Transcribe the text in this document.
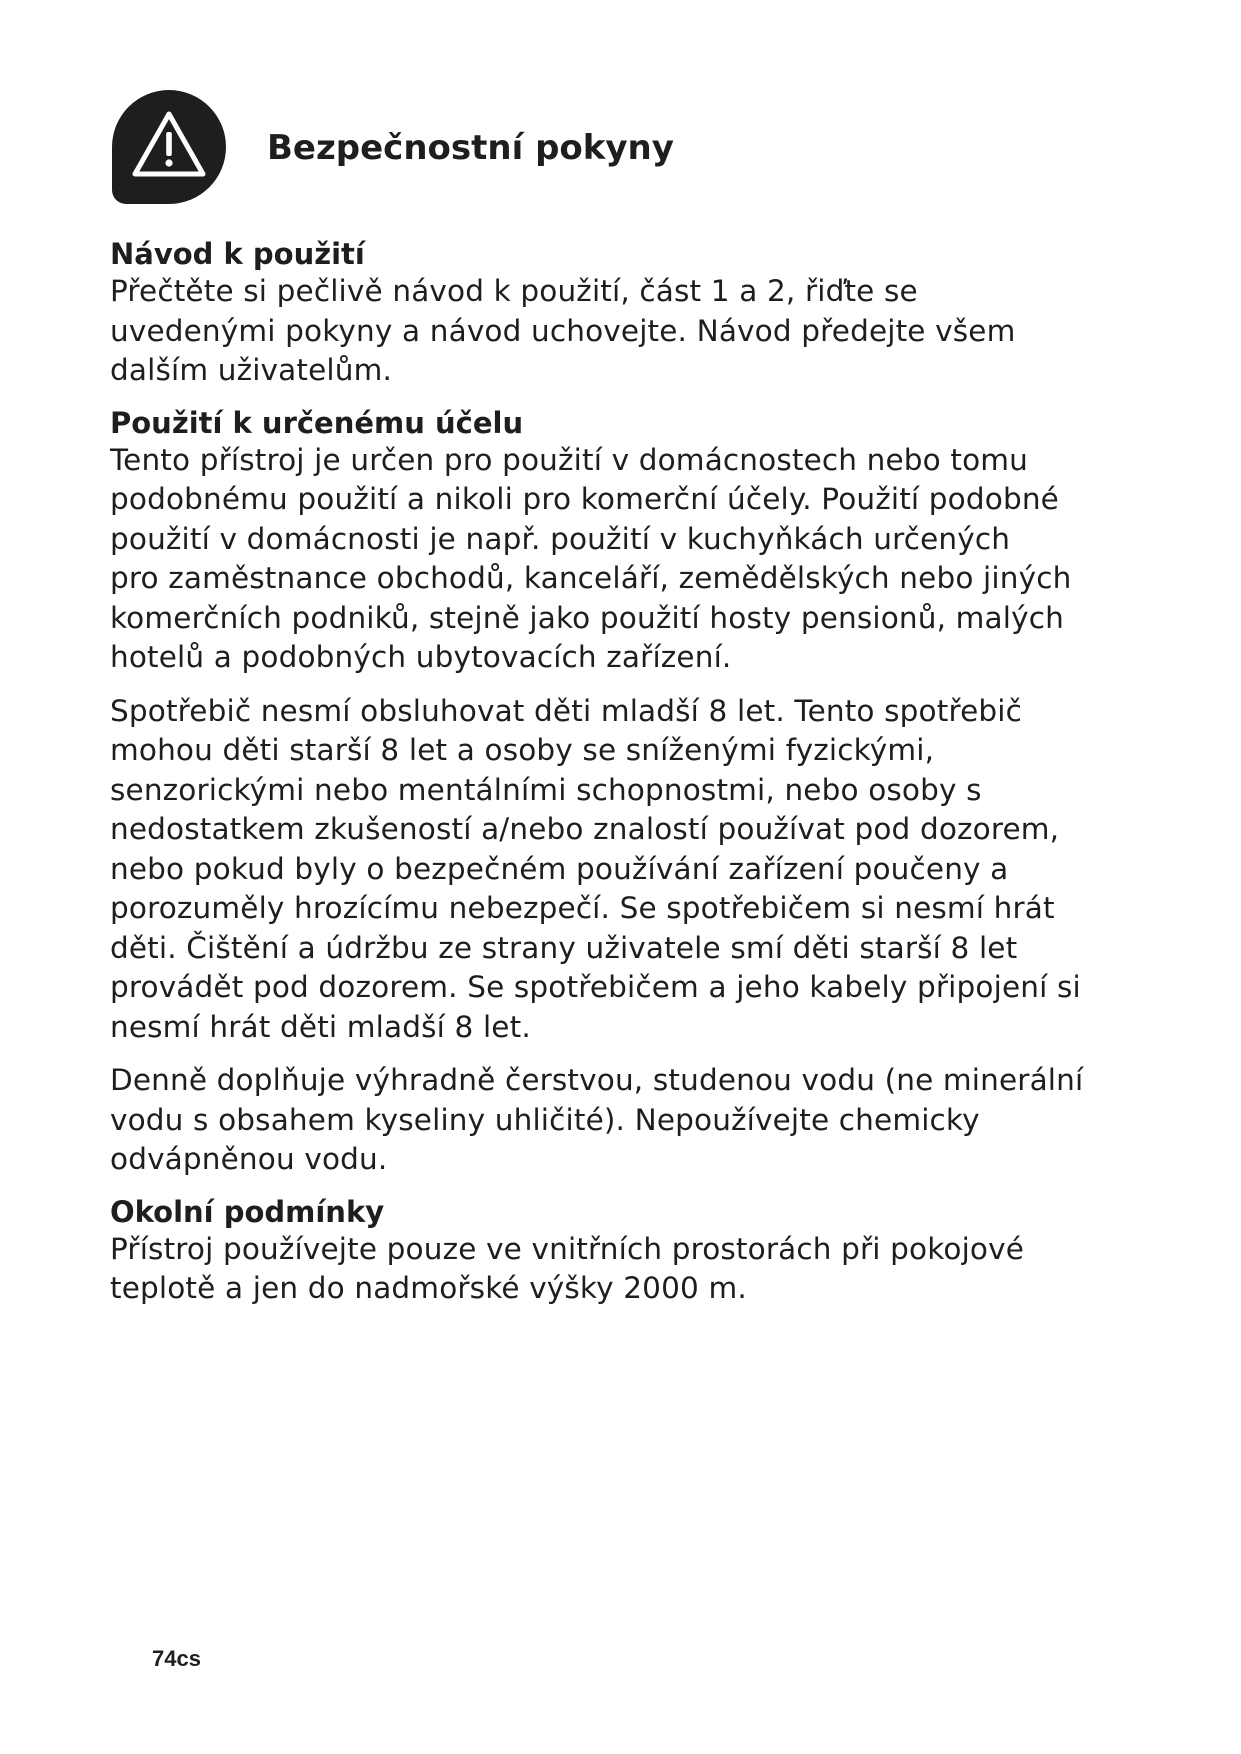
Bezpečnostní pokyny
Návod k použití

Přečtěte si pečlivě návod k použití, část 1 a 2, řiďte se
uvedenými pokyny a návod uchovejte. Návod předejte všem
dalším uživatelům.

Použití k určenému účelu

Tento přístroj je určen pro použití v domácnostech nebo tomu
podobnému použití a nikoli pro komerční účely. Použití podobné
použití v domácnosti je např. použití v kuchyňkách určených
pro zaměstnance obchodů, kanceláří, zemědělských nebo jiných
komerčních podniků, stejně jako použití hosty pensionů, malých
hotelů a podobných ubytovacích zařízení.

Spotřebič nesmí obsluhovat děti mladší 8 let. Tento spotřebič
mohou děti starší 8 let a osoby se sníženými fyzickými,
senzorickými nebo mentálními schopnostmi, nebo osoby s
nedostatkem zkušeností a/nebo znalostí používat pod dozorem,
nebo pokud byly o bezpečném používání zařízení poučeny a
porozuměly hrozícímu nebezpečí. Se spotřebičem si nesmí hrát
děti. Čištění a údržbu ze strany uživatele smí děti starší 8 let
provádět pod dozorem. Se spotřebičem a jeho kabely připojení si
nesmí hrát děti mladší 8 let.

Denně doplňuje výhradně čerstvou, studenou vodu (ne minerální
vodu s obsahem kyseliny uhličité). Nepoužívejte chemicky
odvápněnou vodu.

Okolní podmínky

Přístroj používejte pouze ve vnitřních prostorách při pokojové
teplotě a jen do nadmořské výšky 2000 m.

74cs
